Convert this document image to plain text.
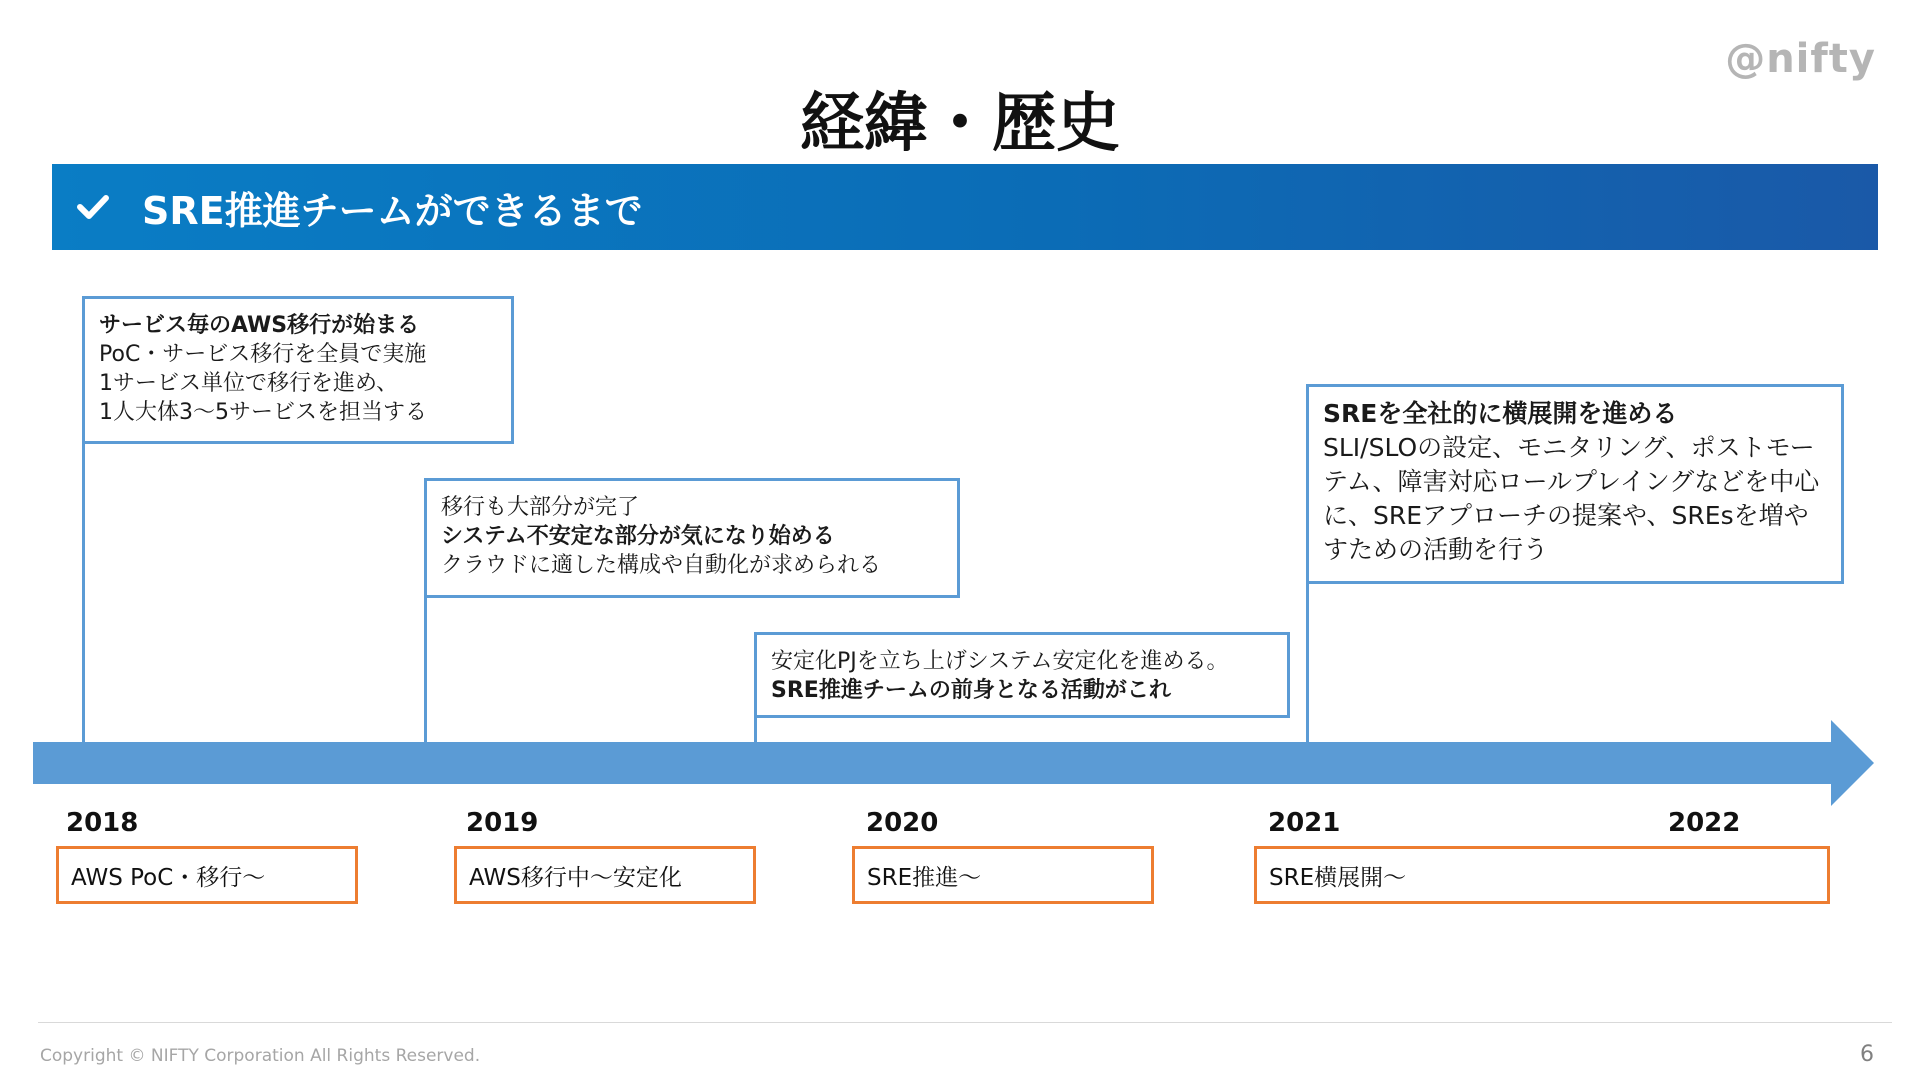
@nifty
経緯・歴史
SRE推進チームができるまで
サービス毎のAWS移行が始まる
PoC・サービス移行を全員で実施
1サービス単位で移行を進め、
1人大体3〜5サービスを担当する
移行も大部分が完了
システム不安定な部分が気になり始める
クラウドに適した構成や自動化が求められる
安定化PJを立ち上げシステム安定化を進める。
SRE推進チームの前身となる活動がこれ
SREを全社的に横展開を進める
SLI/SLOの設定、モニタリング、ポストモーテム、障害対応ロールプレイングなどを中心に、SREアプローチの提案や、SREsを増やすための活動を行う
2018	2019	2020	2021	2022
AWS PoC・移行〜	AWS移行中〜安定化	SRE推進〜	SRE横展開〜
Copyright © NIFTY Corporation All Rights Reserved.	6
